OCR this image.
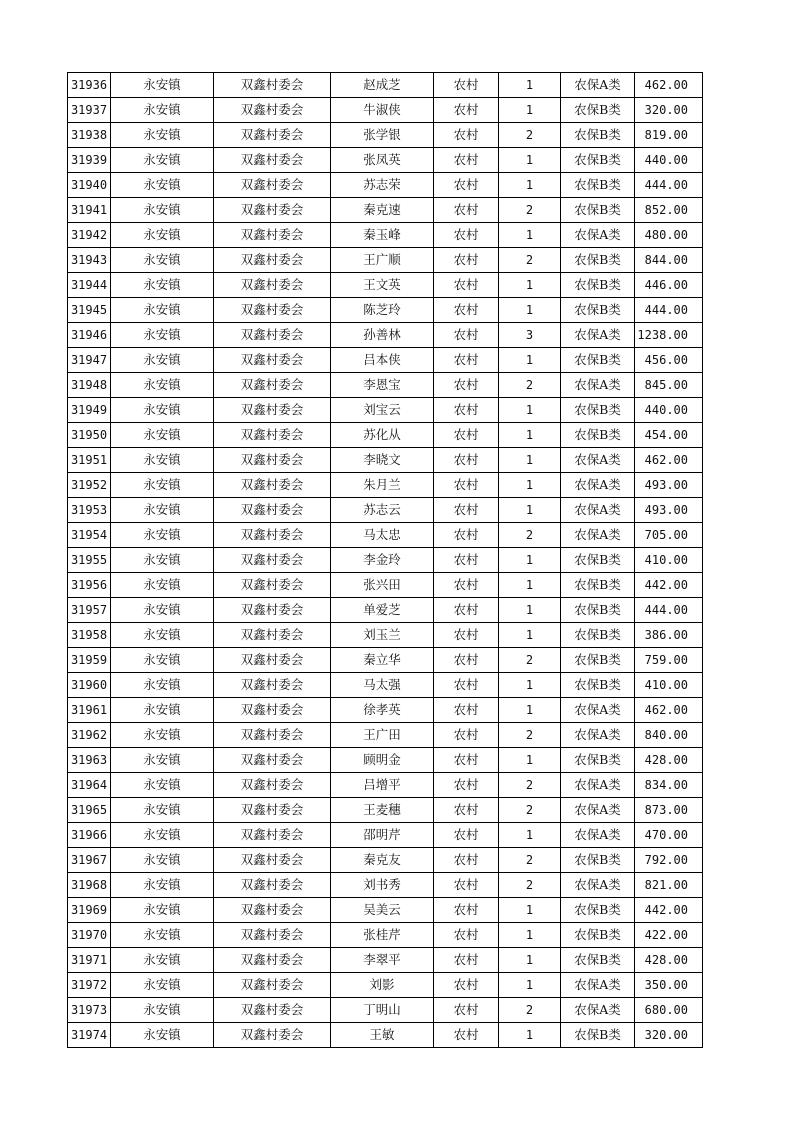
31936	永安镇	双鑫村委会	赵成芝	农村	1	农保A类	462.00
31937	永安镇	双鑫村委会	牛淑侠	农村	1	农保B类	320.00
31938	永安镇	双鑫村委会	张学银	农村	2	农保B类	819.00
31939	永安镇	双鑫村委会	张凤英	农村	1	农保B类	440.00
31940	永安镇	双鑫村委会	苏志荣	农村	1	农保B类	444.00
31941	永安镇	双鑫村委会	秦克速	农村	2	农保B类	852.00
31942	永安镇	双鑫村委会	秦玉峰	农村	1	农保A类	480.00
31943	永安镇	双鑫村委会	王广顺	农村	2	农保B类	844.00
31944	永安镇	双鑫村委会	王文英	农村	1	农保B类	446.00
31945	永安镇	双鑫村委会	陈芝玲	农村	1	农保B类	444.00
31946	永安镇	双鑫村委会	孙善林	农村	3	农保A类	1238.00
31947	永安镇	双鑫村委会	吕本侠	农村	1	农保B类	456.00
31948	永安镇	双鑫村委会	李恩宝	农村	2	农保A类	845.00
31949	永安镇	双鑫村委会	刘宝云	农村	1	农保B类	440.00
31950	永安镇	双鑫村委会	苏化从	农村	1	农保B类	454.00
31951	永安镇	双鑫村委会	李晓文	农村	1	农保A类	462.00
31952	永安镇	双鑫村委会	朱月兰	农村	1	农保A类	493.00
31953	永安镇	双鑫村委会	苏志云	农村	1	农保A类	493.00
31954	永安镇	双鑫村委会	马太忠	农村	2	农保A类	705.00
31955	永安镇	双鑫村委会	李金玲	农村	1	农保B类	410.00
31956	永安镇	双鑫村委会	张兴田	农村	1	农保B类	442.00
31957	永安镇	双鑫村委会	单爱芝	农村	1	农保B类	444.00
31958	永安镇	双鑫村委会	刘玉兰	农村	1	农保B类	386.00
31959	永安镇	双鑫村委会	秦立华	农村	2	农保B类	759.00
31960	永安镇	双鑫村委会	马太强	农村	1	农保B类	410.00
31961	永安镇	双鑫村委会	徐孝英	农村	1	农保A类	462.00
31962	永安镇	双鑫村委会	王广田	农村	2	农保A类	840.00
31963	永安镇	双鑫村委会	顾明金	农村	1	农保B类	428.00
31964	永安镇	双鑫村委会	吕增平	农村	2	农保A类	834.00
31965	永安镇	双鑫村委会	王麦穗	农村	2	农保A类	873.00
31966	永安镇	双鑫村委会	邵明芹	农村	1	农保A类	470.00
31967	永安镇	双鑫村委会	秦克友	农村	2	农保B类	792.00
31968	永安镇	双鑫村委会	刘书秀	农村	2	农保A类	821.00
31969	永安镇	双鑫村委会	吴美云	农村	1	农保B类	442.00
31970	永安镇	双鑫村委会	张桂芹	农村	1	农保B类	422.00
31971	永安镇	双鑫村委会	李翠平	农村	1	农保B类	428.00
31972	永安镇	双鑫村委会	刘影	农村	1	农保A类	350.00
31973	永安镇	双鑫村委会	丁明山	农村	2	农保A类	680.00
31974	永安镇	双鑫村委会	王敏	农村	1	农保B类	320.00
